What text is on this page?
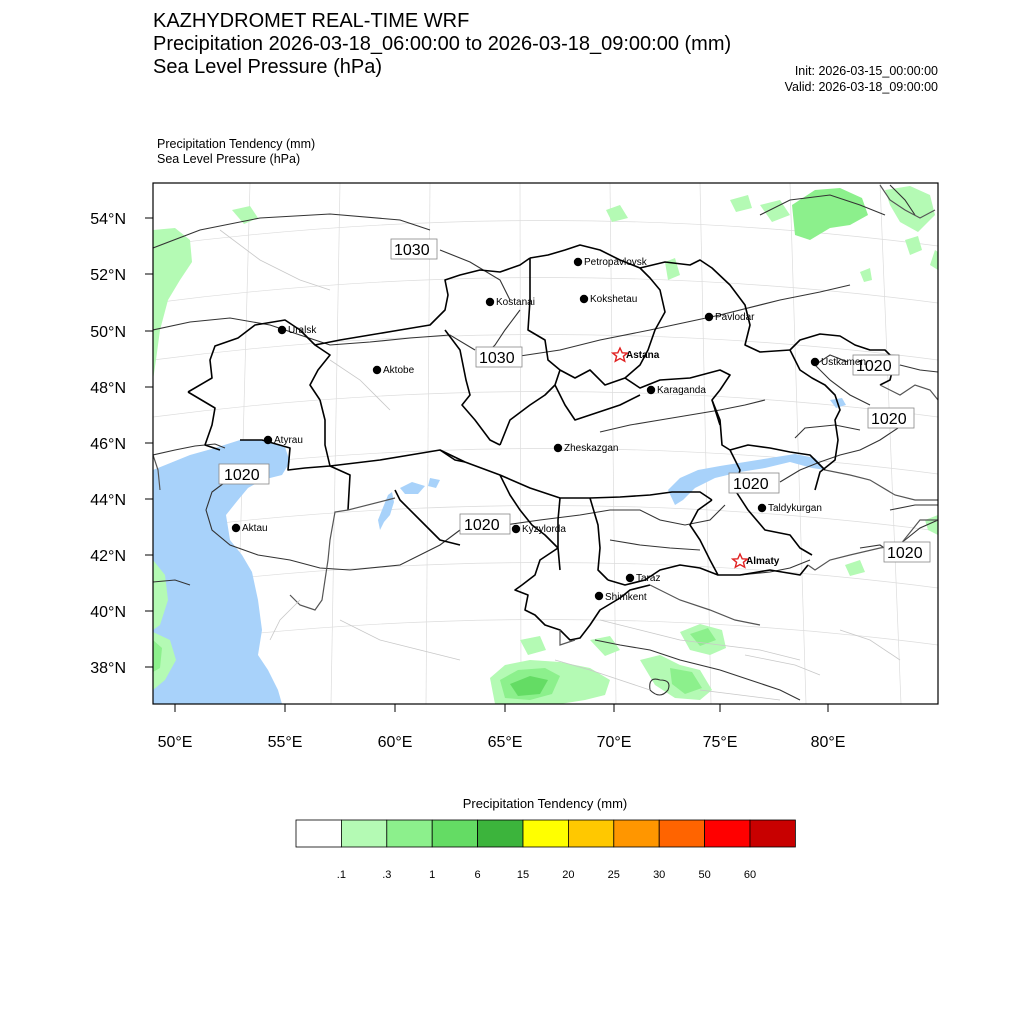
KAZHYDROMET REAL-TIME WRF
Precipitation 2026-03-18_06:00:00 to 2026-03-18_09:00:00 (mm)
Sea Level Pressure (hPa)	Init: 2026-03-15_00:00:00
Valid: 2026-03-18_09:00:00
Precipitation Tendency (mm)
Sea Level Pressure (hPa)
1030
1030
1020
1020
1020
1020
1020
1020
Petropavlovsk
Kostanai	Kokshetau
Pavlodar
Uralsk
Astana
Aktobe
Karaganda
Ustkamen
Atyrau
Zheskazgan
Taldykurgan
Aktau	Kyzylorda
Almaty
Taraz
Shimkent
54°N
52°N
50°N
48°N
46°N
44°N
42°N
40°N
38°N
50°E	55°E	60°E	65°E	70°E	75°E	80°E
Precipitation Tendency (mm)
.1	.3	1	6	15	20	25	30	50	60
